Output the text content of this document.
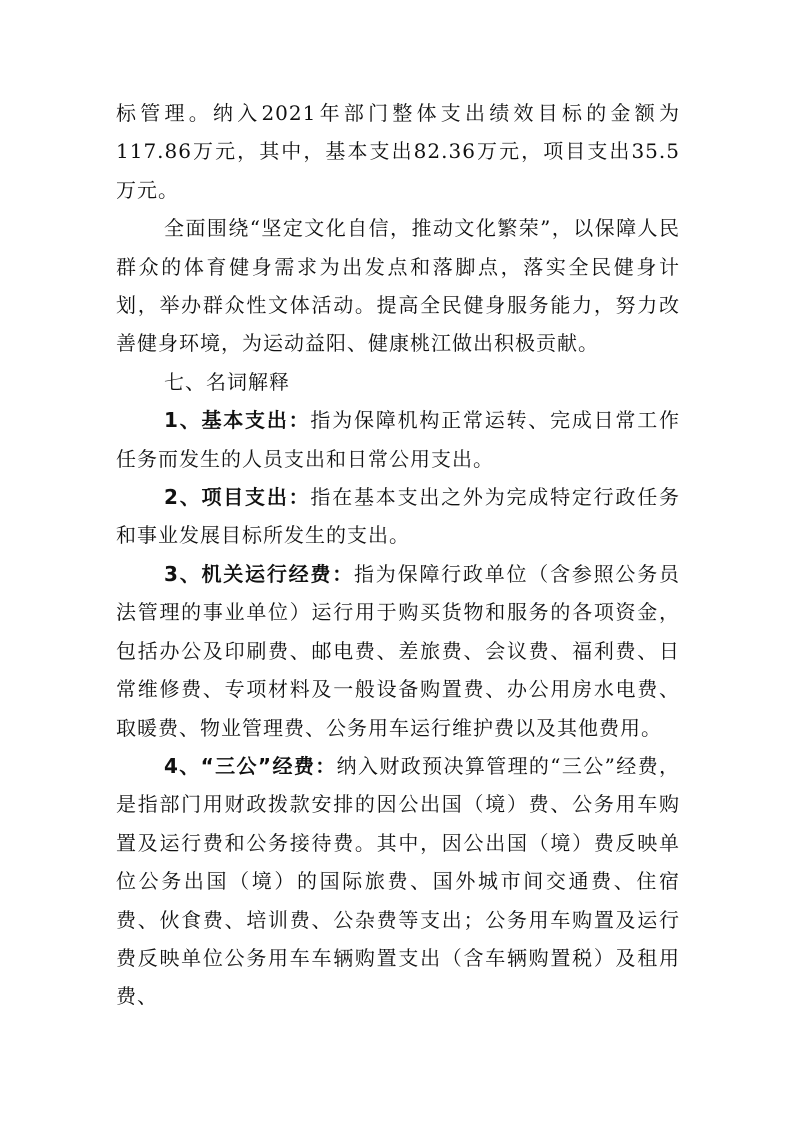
标管理。纳入2021年部门整体支出绩效目标的金额为117.86万元，其中，基本支出82.36万元，项目支出35.5万元。

全面围绕“坚定文化自信，推动文化繁荣”，以保障人民群众的体育健身需求为出发点和落脚点，落实全民健身计划，举办群众性文体活动。提高全民健身服务能力，努力改善健身环境，为运动益阳、健康桃江做出积极贡献。

七、名词解释

1、基本支出：指为保障机构正常运转、完成日常工作任务而发生的人员支出和日常公用支出。

2、项目支出：指在基本支出之外为完成特定行政任务和事业发展目标所发生的支出。

3、机关运行经费：指为保障行政单位（含参照公务员法管理的事业单位）运行用于购买货物和服务的各项资金，包括办公及印刷费、邮电费、差旅费、会议费、福利费、日常维修费、专项材料及一般设备购置费、办公用房水电费、取暖费、物业管理费、公务用车运行维护费以及其他费用。

4、“三公”经费：纳入财政预决算管理的“三公”经费，是指部门用财政拨款安排的因公出国（境）费、公务用车购置及运行费和公务接待费。其中，因公出国（境）费反映单位公务出国（境）的国际旅费、国外城市间交通费、住宿费、伙食费、培训费、公杂费等支出；公务用车购置及运行费反映单位公务用车车辆购置支出（含车辆购置税）及租用费、
